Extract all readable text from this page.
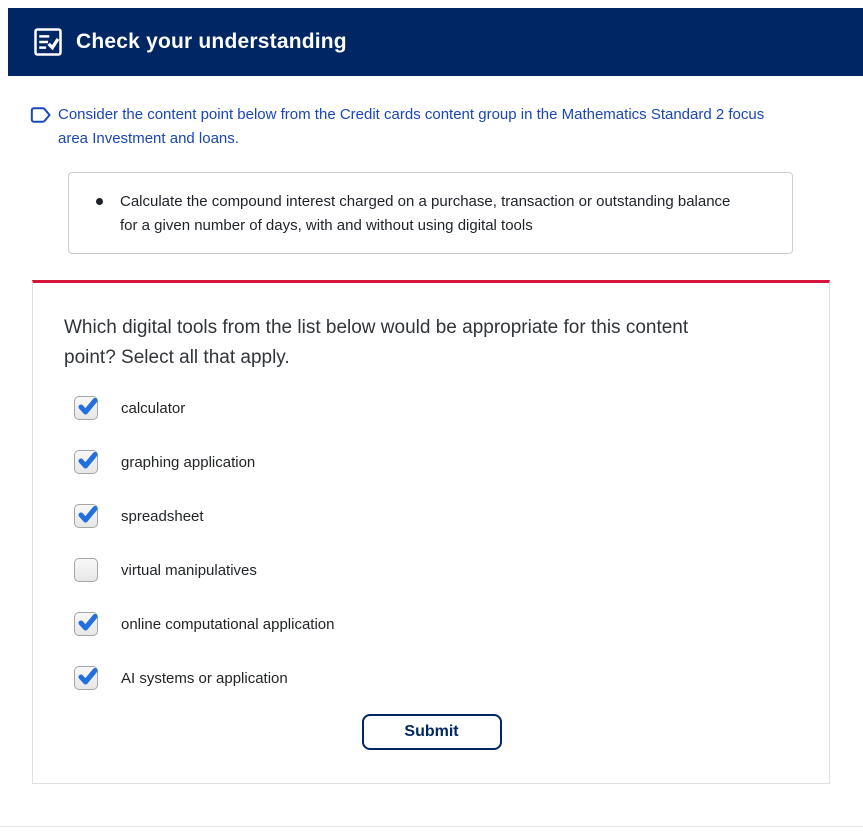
Check your understanding
Consider the content point below from the Credit cards content group in the Mathematics Standard 2 focus area Investment and loans.
Calculate the compound interest charged on a purchase, transaction or outstanding balance for a given number of days, with and without using digital tools
Which digital tools from the list below would be appropriate for this content point? Select all that apply.
calculator
graphing application
spreadsheet
virtual manipulatives
online computational application
AI systems or application
Submit
